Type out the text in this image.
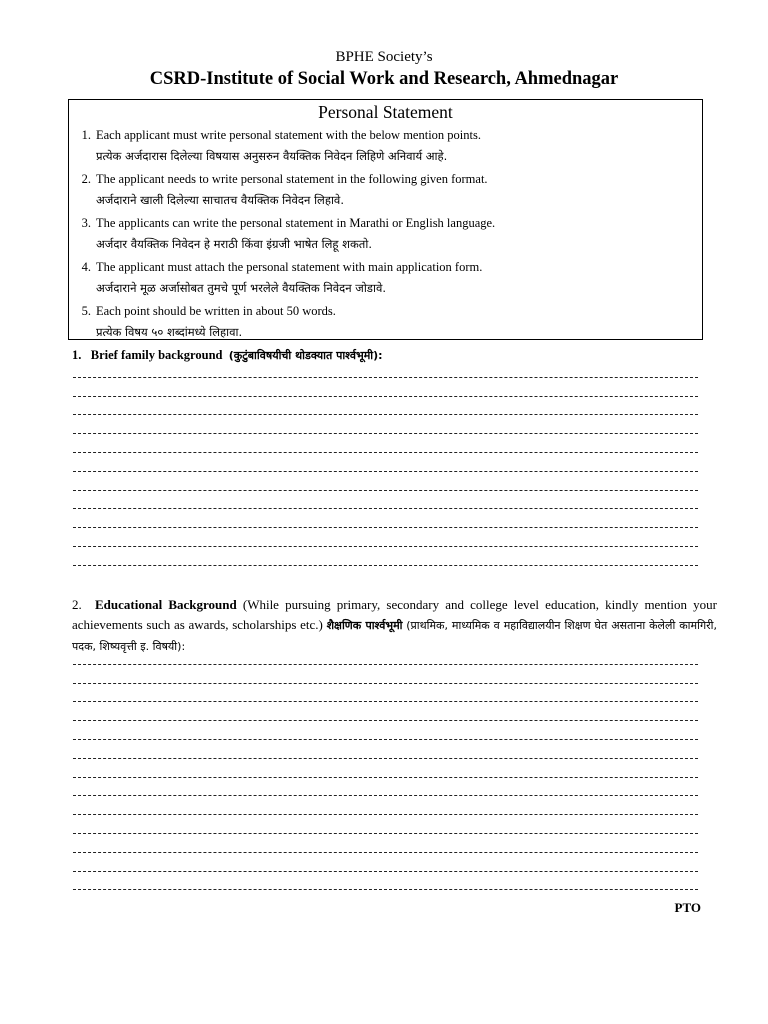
BPHE Society’s
CSRD-Institute of Social Work and Research, Ahmednagar
Personal Statement
1. Each applicant must write personal statement with the below mention points.
प्रत्येक अर्जदारास दिलेल्या विषयास अनुसरुन वैयक्तिक निवेदन लिहिणे अनिवार्य आहे.
2. The applicant needs to write personal statement in the following given format.
अर्जदाराने खाली दिलेल्या साचातच वैयक्तिक निवेदन लिहावे.
3. The applicants can write the personal statement in Marathi or English language.
अर्जदार वैयक्तिक निवेदन हे मराठी किंवा इंग्रजी भाषेत लिहू शकतो.
4. The applicant must attach the personal statement with main application form.
अर्जदाराने मूळ अर्जासोबत तुमचे पूर्ण भरलेले वैयक्तिक निवेदन जोडावे.
5. Each point should be written in about 50 words.
प्रत्येक विषय ५० शब्दांमध्ये लिहावा.
1. Brief family background (कुटुंबाविषयीची थोडक्यात पार्श्वभूमी):
2.	Educational Background (While pursuing primary, secondary and college level education, kindly mention your achievements such as awards, scholarships etc.) शैक्षणिक पार्श्वभूमी (प्राथमिक, माध्यमिक व महाविद्यालयीन शिक्षण घेत असताना केलेली कामगिरी, पदक, शिष्यवृत्ती इ. विषयी):
PTO
